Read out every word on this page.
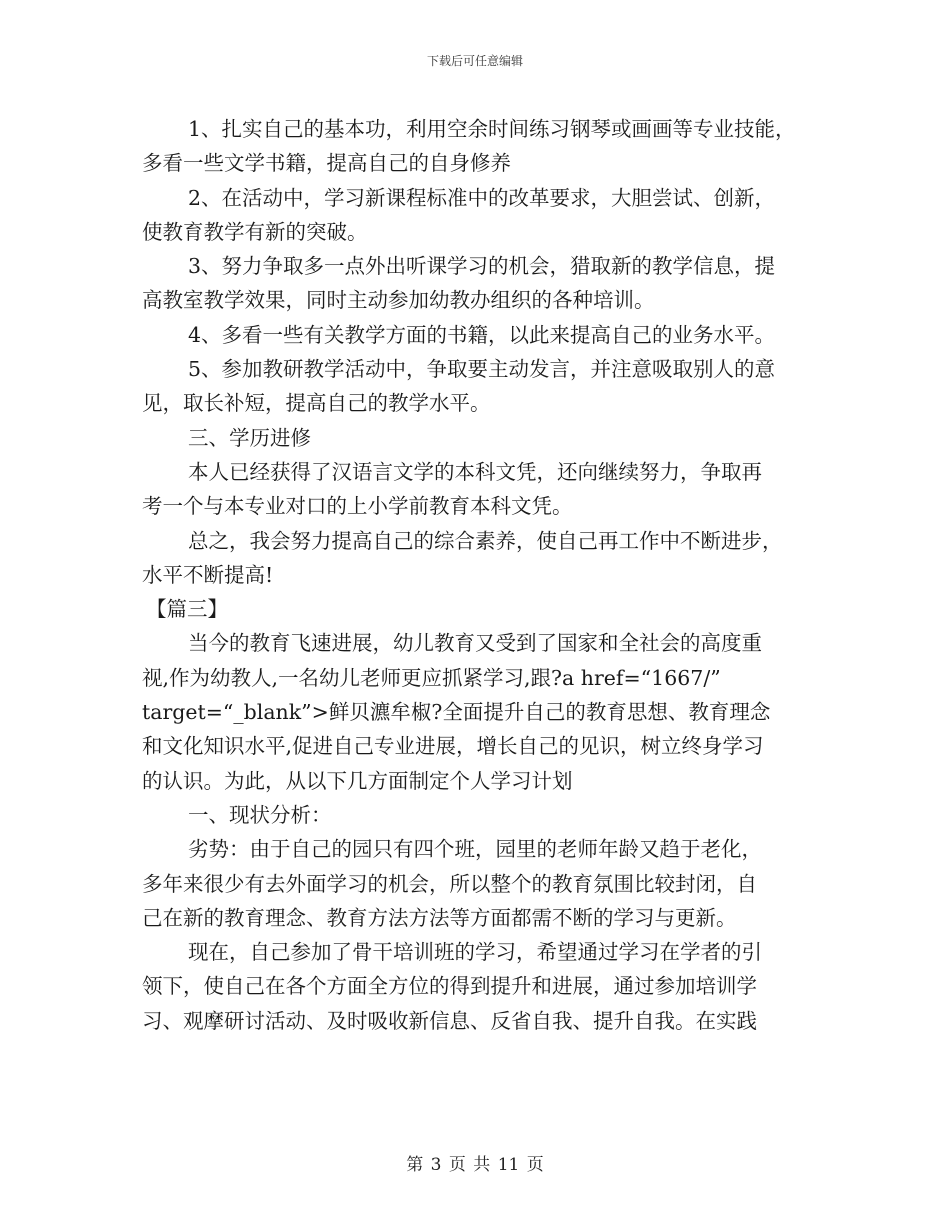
下载后可任意编辑
1、扎实自己的基本功，利用空余时间练习钢琴或画画等专业技能，
多看一些文学书籍，提高自己的自身修养
2、在活动中，学习新课程标准中的改革要求，大胆尝试、创新，
使教育教学有新的突破。
3、努力争取多一点外出听课学习的机会，猎取新的教学信息，提
高教室教学效果，同时主动参加幼教办组织的各种培训。
4、多看一些有关教学方面的书籍，以此来提高自己的业务水平。
5、参加教研教学活动中，争取要主动发言，并注意吸取别人的意
见，取长补短，提高自己的教学水平。
三、学历进修
本人已经获得了汉语言文学的本科文凭，还向继续努力，争取再
考一个与本专业对口的上小学前教育本科文凭。
总之，我会努力提高自己的综合素养，使自己再工作中不断进步，
水平不断提高!
【篇三】
当今的教育飞速进展，幼儿教育又受到了国家和全社会的高度重
视,作为幼教人,一名幼儿老师更应抓紧学习,跟?a href=“1667/”
target=“_blank”>鲜贝瀌牟椒?全面提升自己的教育思想、教育理念
和文化知识水平,促进自己专业进展，增长自己的见识，树立终身学习
的认识。为此，从以下几方面制定个人学习计划
一、现状分析：
劣势：由于自己的园只有四个班，园里的老师年龄又趋于老化，
多年来很少有去外面学习的机会，所以整个的教育氛围比较封闭，自
己在新的教育理念、教育方法方法等方面都需不断的学习与更新。
现在，自己参加了骨干培训班的学习，希望通过学习在学者的引
领下，使自己在各个方面全方位的得到提升和进展，通过参加培训学
习、观摩研讨活动、及时吸收新信息、反省自我、提升自我。在实践
第 3 页 共 11 页
